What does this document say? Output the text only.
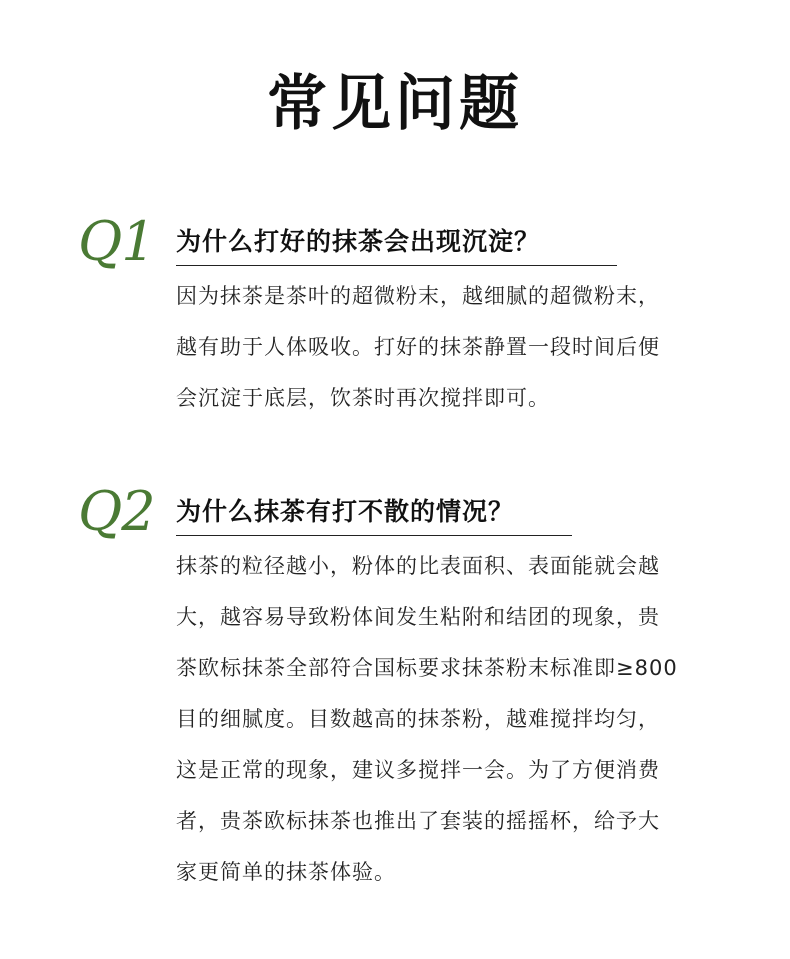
常见问题
Q1 为什么打好的抹茶会出现沉淀？
因为抹茶是茶叶的超微粉末，越细腻的超微粉末，
越有助于人体吸收。打好的抹茶静置一段时间后便
会沉淀于底层，饮茶时再次搅拌即可。
Q2 为什么抹茶有打不散的情况？
抹茶的粒径越小，粉体的比表面积、表面能就会越
大，越容易导致粉体间发生粘附和结团的现象，贵
茶欧标抹茶全部符合国标要求抹茶粉末标准即≥800
目的细腻度。目数越高的抹茶粉，越难搅拌均匀，
这是正常的现象，建议多搅拌一会。为了方便消费
者，贵茶欧标抹茶也推出了套装的摇摇杯，给予大
家更简单的抹茶体验。
